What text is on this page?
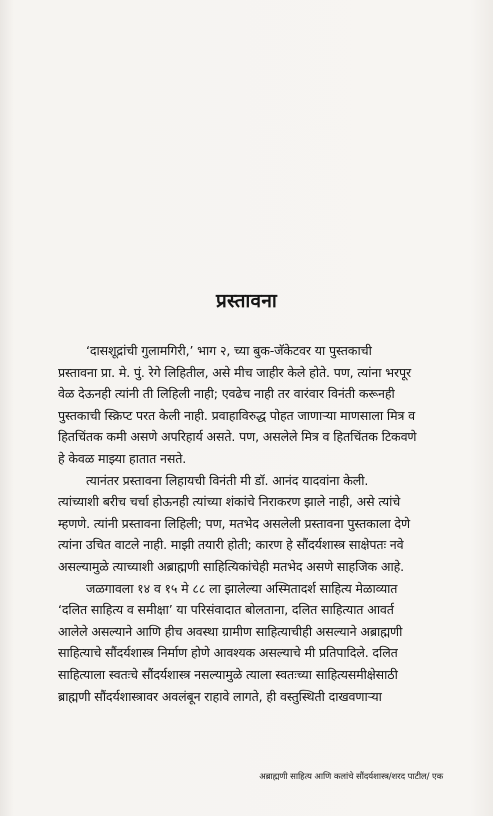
प्रस्तावना
‘दासशूद्रांची गुलामगिरी,’ भाग २, च्या बुक-जॅकेटवर या पुस्तकाची
प्रस्तावना प्रा. मे. पुं. रेगे लिहितील, असे मीच जाहीर केले होते. पण, त्यांना भरपूर
वेळ देऊनही त्यांनी ती लिहिली नाही; एवढेच नाही तर वारंवार विनंती करूनही
पुस्तकाची स्क्रिप्ट परत केली नाही. प्रवाहाविरुद्ध पोहत जाणाऱ्या माणसाला मित्र व
हितचिंतक कमी असणे अपरिहार्य असते. पण, असलेले मित्र व हितचिंतक टिकवणे
हे केवळ माझ्या हातात नसते.
त्यानंतर प्रस्तावना लिहायची विनंती मी डॉ. आनंद यादवांना केली.
त्यांच्याशी बरीच चर्चा होऊनही त्यांच्या शंकांचे निराकरण झाले नाही, असे त्यांचे
म्हणणे. त्यांनी प्रस्तावना लिहिली; पण, मतभेद असलेली प्रस्तावना पुस्तकाला देणे
त्यांना उचित वाटले नाही. माझी तयारी होती; कारण हे सौंदर्यशास्त्र साक्षेपतः नवे
असल्यामुळे त्याच्याशी अब्राह्मणी साहित्यिकांचेही मतभेद असणे साहजिक आहे.
जळगावला १४ व १५ मे ८८ ला झालेल्या अस्मितादर्श साहित्य मेळाव्यात
‘दलित साहित्य व समीक्षा’ या परिसंवादात बोलताना, दलित साहित्यात आवर्त
आलेले असल्याने आणि हीच अवस्था ग्रामीण साहित्याचीही असल्याने अब्राह्मणी
साहित्याचे सौंदर्यशास्त्र निर्माण होणे आवश्यक असल्याचे मी प्रतिपादिले. दलित
साहित्याला स्वतःचे सौंदर्यशास्त्र नसल्यामुळे त्याला स्वतःच्या साहित्यसमीक्षेसाठी
ब्राह्मणी सौंदर्यशास्त्रावर अवलंबून राहावे लागते, ही वस्तुस्थिती दाखवणाऱ्या
अब्राह्मणी साहित्य आणि कलांचे सौंदर्यशास्त्र/शरद पाटील/ एक
